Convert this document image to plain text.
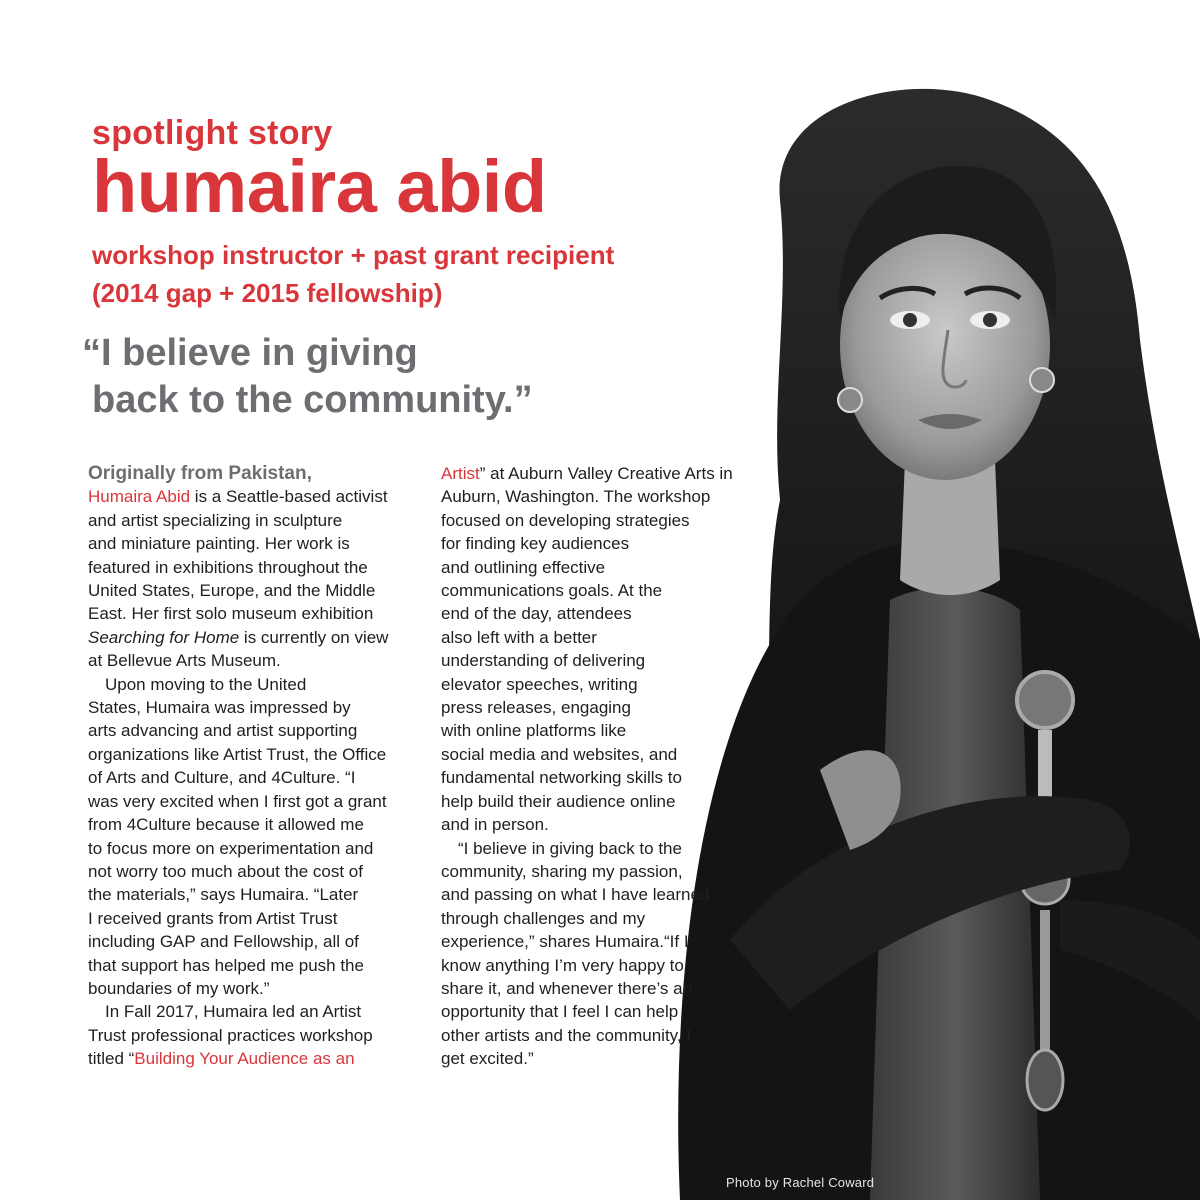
Photo by Rachel Coward
spotlight story
humaira abid
workshop instructor + past grant recipient
(2014 gap + 2015 fellowship)
“I believe in giving
back to the community.”
Originally from Pakistan,
Humaira Abid is a Seattle-based activist
and artist specializing in sculpture
and miniature painting. Her work is
featured in exhibitions throughout the
United States, Europe, and the Middle
East. Her first solo museum exhibition
Searching for Home is currently on view
at Bellevue Arts Museum.
Upon moving to the United
States, Humaira was impressed by
arts advancing and artist supporting
organizations like Artist Trust, the Office
of Arts and Culture, and 4Culture. “I
was very excited when I first got a grant
from 4Culture because it allowed me
to focus more on experimentation and
not worry too much about the cost of
the materials,” says Humaira. “Later
I received grants from Artist Trust
including GAP and Fellowship, all of
that support has helped me push the
boundaries of my work.”
In Fall 2017, Humaira led an Artist
Trust professional practices workshop
titled “Building Your Audience as an
Artist” at Auburn Valley Creative Arts in
Auburn, Washington. The workshop
focused on developing strategies
for finding key audiences
and outlining effective
communications goals. At the
end of the day, attendees
also left with a better
understanding of delivering
elevator speeches, writing
press releases, engaging
with online platforms like
social media and websites, and
fundamental networking skills to
help build their audience online
and in person.
“I believe in giving back to the
community, sharing my passion,
and passing on what I have learned
through challenges and my
experience,” shares Humaira.“If I
know anything I’m very happy to
share it, and whenever there’s an
opportunity that I feel I can help
other artists and the community, I
get excited.”
